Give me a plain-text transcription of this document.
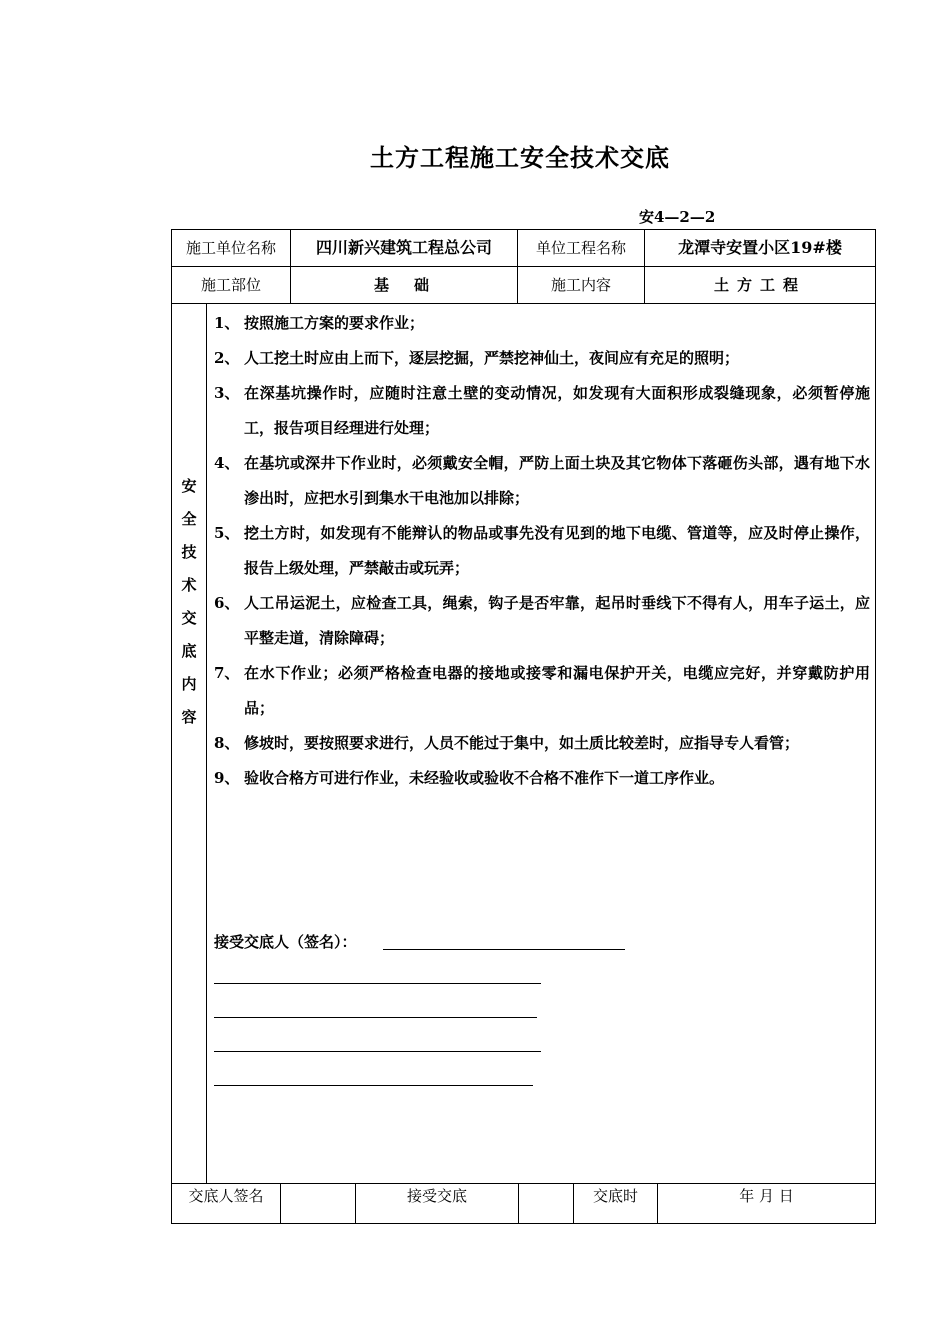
土方工程施工安全技术交底
安4—2—2
施工单位名称	四川新兴建筑工程总公司	单位工程名称	龙潭寺安置小区19#楼
施工部位	基　础	施工内容	土方工程
安
全
技
术
交
底
内
容
1、 按照施工方案的要求作业；
2、 人工挖土时应由上而下，逐层挖掘，严禁挖神仙土，夜间应有充足的照明；
3、 在深基坑操作时，应随时注意土壁的变动情况，如发现有大面积形成裂缝现象，必须暂停施工，报告项目经理进行处理；
4、 在基坑或深井下作业时，必须戴安全帽，严防上面土块及其它物体下落砸伤头部，遇有地下水渗出时，应把水引到集水干电池加以排除；
5、 挖土方时，如发现有不能辩认的物品或事先没有见到的地下电缆、管道等，应及时停止操作，报告上级处理，严禁敲击或玩弄；
6、 人工吊运泥土，应检查工具，绳索，钩子是否牢靠，起吊时垂线下不得有人，用车子运土，应平整走道，清除障碍；
7、 在水下作业；必须严格检查电器的接地或接零和漏电保护开关，电缆应完好，并穿戴防护用品；
8、 修坡时，要按照要求进行，人员不能过于集中，如土质比较差时，应指导专人看管；
9、 验收合格方可进行作业，未经验收或验收不合格不准作下一道工序作业。
接受交底人（签名）：
交底人签名	接受交底	交底时	年 月 日
